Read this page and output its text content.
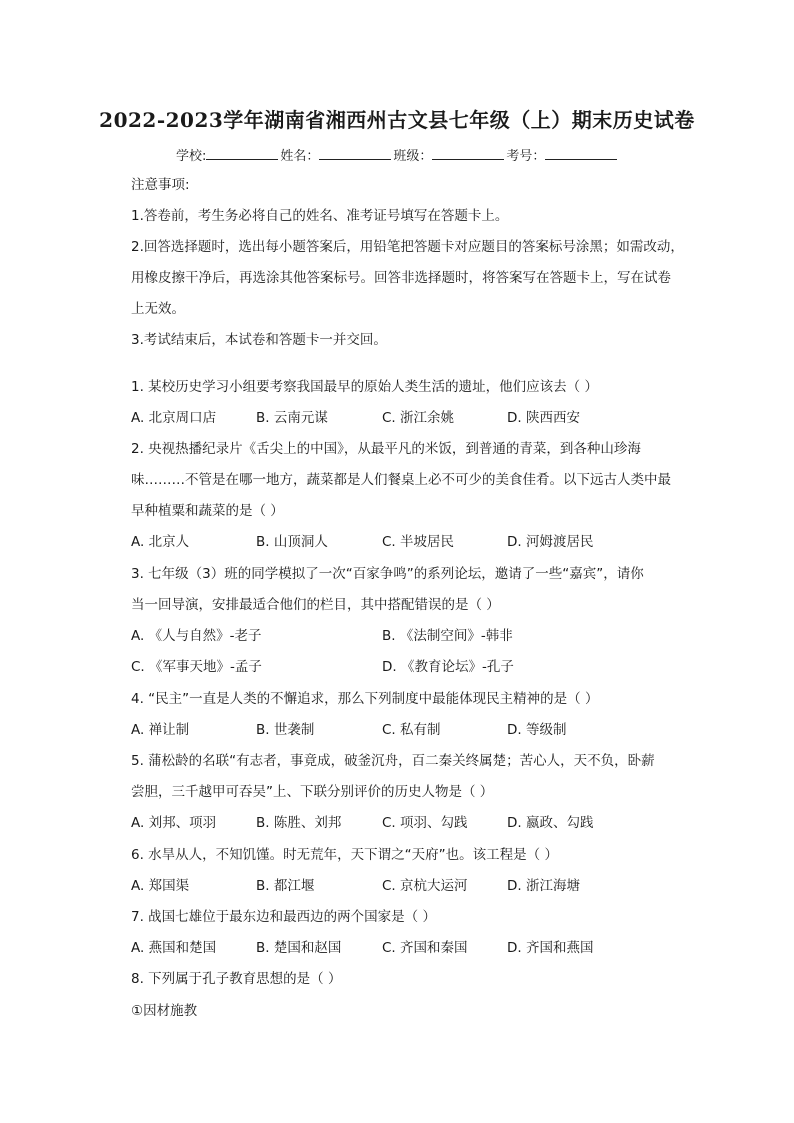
2022-2023学年湖南省湘西州古文县七年级（上）期末历史试卷
学校:	姓名：	班级：	考号：
注意事项:
1.答卷前，考生务必将自己的姓名、准考证号填写在答题卡上。
2.回答选择题时，选出每小题答案后，用铅笔把答题卡对应题目的答案标号涂黑；如需改动，
用橡皮擦干净后，再选涂其他答案标号。回答非选择题时，将答案写在答题卡上，写在试卷
上无效。
3.考试结束后，本试卷和答题卡一并交回。
1. 某校历史学习小组要考察我国最早的原始人类生活的遗址，他们应该去（ ）
A. 北京周口店	B. 云南元谋	C. 浙江余姚	D. 陕西西安
2. 央视热播纪录片《舌尖上的中国》，从最平凡的米饭，到普通的青菜，到各种山珍海
味………不管是在哪一地方，蔬菜都是人们餐桌上必不可少的美食佳肴。以下远古人类中最
早种植粟和蔬菜的是（ ）
A. 北京人	B. 山顶洞人	C. 半坡居民	D. 河姆渡居民
3. 七年级（3）班的同学模拟了一次“百家争鸣”的系列论坛，邀请了一些“嘉宾”，请你
当一回导演，安排最适合他们的栏目，其中搭配错误的是（ ）
A. 《人与自然》-老子	B. 《法制空间》-韩非
C. 《军事天地》-孟子	D. 《教育论坛》-孔子
4. “民主”一直是人类的不懈追求，那么下列制度中最能体现民主精神的是（ ）
A. 禅让制	B. 世袭制	C. 私有制	D. 等级制
5. 蒲松龄的名联“有志者，事竟成，破釜沉舟，百二秦关终属楚；苦心人，天不负，卧薪
尝胆，三千越甲可吞吴”上、下联分别评价的历史人物是（ ）
A. 刘邦、项羽	B. 陈胜、刘邦	C. 项羽、勾践	D. 嬴政、勾践
6. 水旱从人，不知饥馑。时无荒年，天下谓之“天府”也。该工程是（ ）
A. 郑国渠	B. 都江堰	C. 京杭大运河	D. 浙江海塘
7. 战国七雄位于最东边和最西边的两个国家是（ ）
A. 燕国和楚国	B. 楚国和赵国	C. 齐国和秦国	D. 齐国和燕国
8. 下列属于孔子教育思想的是（ ）
①因材施教
